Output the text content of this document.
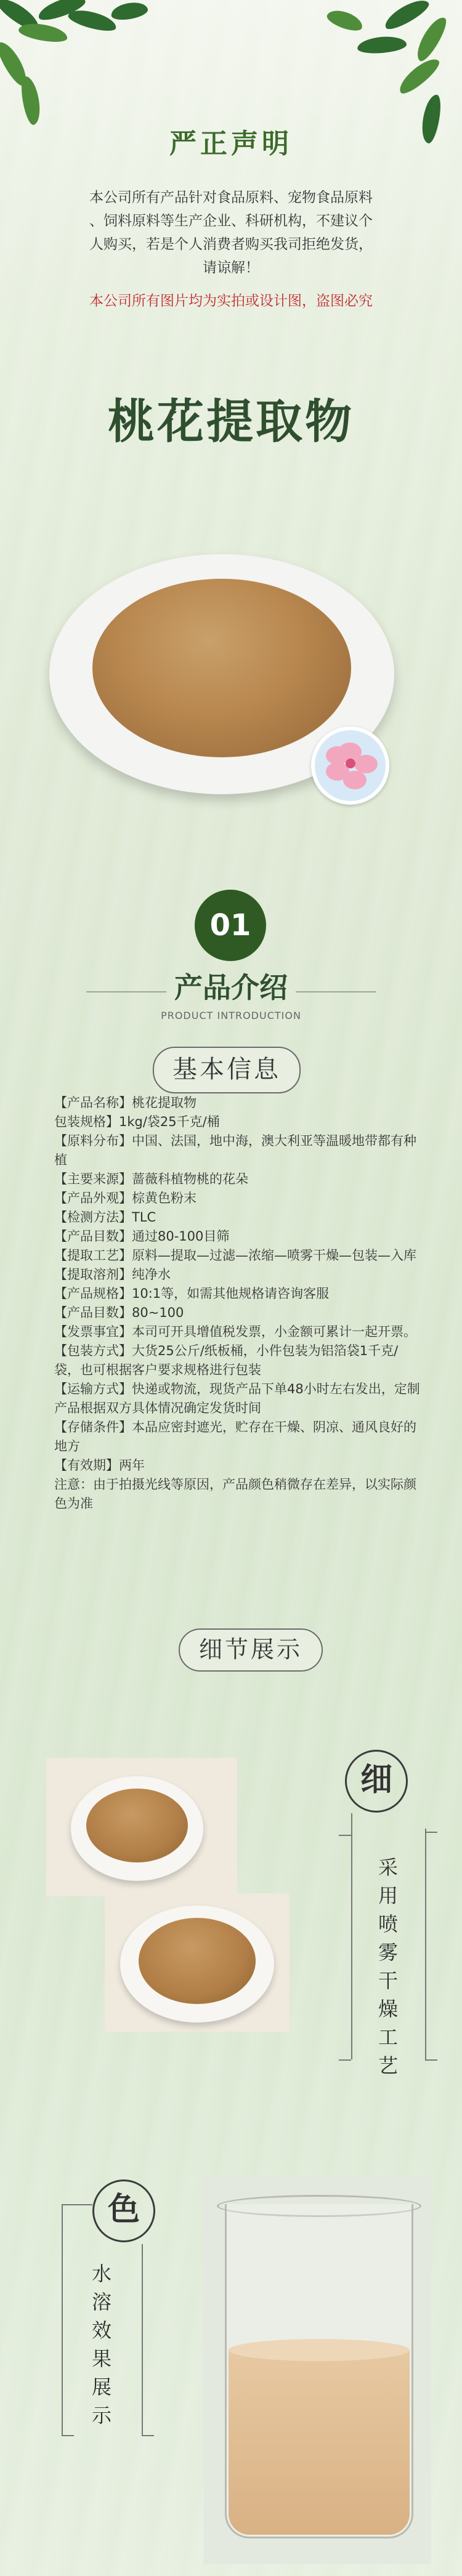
严正声明
本公司所有产品针对食品原料、宠物食品原料
、饲料原料等生产企业、科研机构，不建议个
人购买，若是个人消费者购买我司拒绝发货，
请谅解！
本公司所有图片均为实拍或设计图，盗图必究
桃花提取物
01
产品介绍
PRODUCT INTRODUCTION
基本信息
【产品名称】桃花提取物
包装规格】1kg/袋25千克/桶
【原料分布】中国、法国，地中海，澳大利亚等温暖地带都有种植
【主要来源】蔷薇科植物桃的花朵
【产品外观】棕黄色粉末
【检测方法】TLC
【产品目数】通过80-100目筛
【提取工艺】原料—提取—过滤—浓缩—喷雾干燥—包装—入库
【提取溶剂】纯净水
【产品规格】10:1等，如需其他规格请咨询客服
【产品目数】80~100
【发票事宜】本司可开具增值税发票，小金额可累计一起开票。
【包装方式】大货25公斤/纸板桶，小件包装为铝箔袋1千克/袋，也可根据客户要求规格进行包装
【运输方式】快递或物流，现货产品下单48小时左右发出，定制产品根据双方具体情况确定发货时间
【存储条件】本品应密封遮光，贮存在干燥、阴凉、通风良好的地方
【有效期】两年
注意：由于拍摄光线等原因，产品颜色稍微存在差异，以实际颜色为准
细节展示
细
采用喷雾干燥工艺
色
水溶效果展示
